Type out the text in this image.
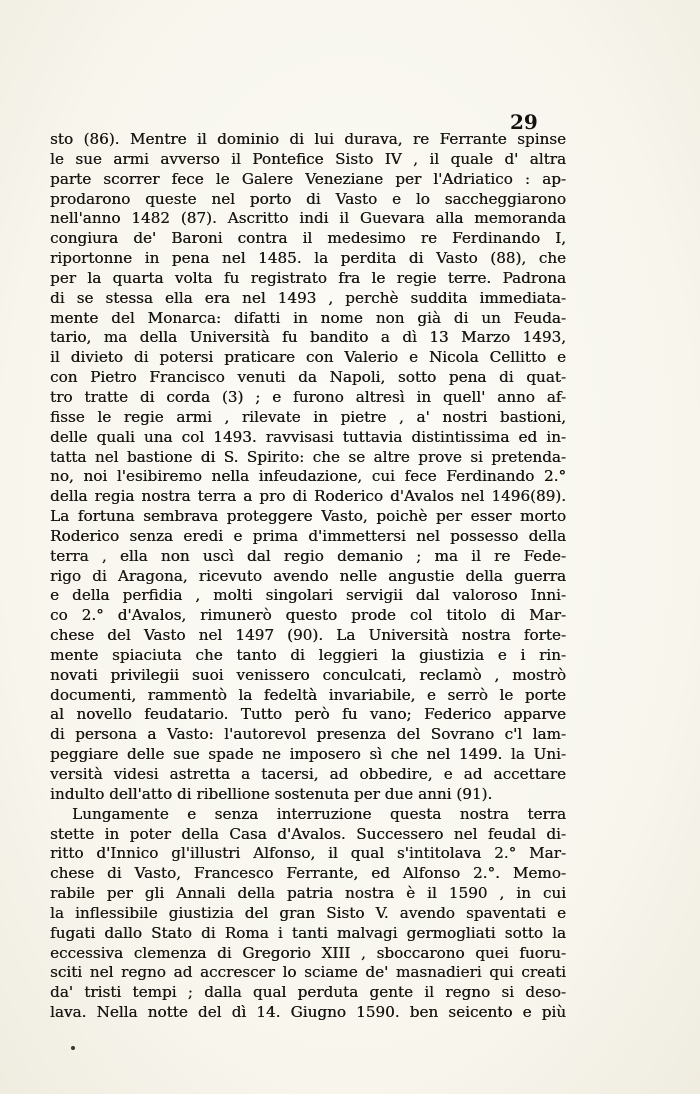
29

sto (86). Mentre il dominio di lui durava, re Ferrante spinse
le sue armi avverso il Pontefice Sisto IV , il quale d' altra
parte scorrer fece le Galere Veneziane per l'Adriatico : ap-
prodarono queste nel porto di Vasto e lo saccheggiarono
nell'anno 1482 (87). Ascritto indi il Guevara alla memoranda
congiura de' Baroni contra il medesimo re Ferdinando I,
riportonne in pena nel 1485. la perdita di Vasto (88), che
per la quarta volta fu registrato fra le regie terre. Padrona
di se stessa ella era nel 1493 , perchè suddita immediata-
mente del Monarca: difatti in nome non già di un Feuda-
tario, ma della Università fu bandito a dì 13 Marzo 1493,
il divieto di potersi praticare con Valerio e Nicola Cellitto e
con Pietro Francisco venuti da Napoli, sotto pena di quat-
tro tratte di corda (3) ; e furono altresì in quell' anno af-
fisse le regie armi , rilevate in pietre , a' nostri bastioni,
delle quali una col 1493. ravvisasi tuttavia distintissima ed in-
tatta nel bastione di S. Spirito: che se altre prove si pretenda-
no, noi l'esibiremo nella infeudazione, cui fece Ferdinando 2.°
della regia nostra terra a pro di Roderico d'Avalos nel 1496(89).
La fortuna sembrava proteggere Vasto, poichè per esser morto
Roderico senza eredi e prima d'immettersi nel possesso della
terra , ella non uscì dal regio demanio ; ma il re Fede-
rigo di Aragona, ricevuto avendo nelle angustie della guerra
e della perfidia , molti singolari servigii dal valoroso Inni-
co 2.° d'Avalos, rimunerò questo prode col titolo di Mar-
chese del Vasto nel 1497 (90). La Università nostra forte-
mente spiaciuta che tanto di leggieri la giustizia e i rin-
novati privilegii suoi venissero conculcati, reclamò , mostrò
documenti, rammentò la fedeltà invariabile, e serrò le porte
al novello feudatario. Tutto però fu vano; Federico apparve
di persona a Vasto: l'autorevol presenza del Sovrano c'l lam-
peggiare delle sue spade ne imposero sì che nel 1499. la Uni-
versità videsi astretta a tacersi, ad obbedire, e ad accettare
indulto dell'atto di ribellione sostenuta per due anni (91).
Lungamente e senza interruzione questa nostra terra
stette in poter della Casa d'Avalos. Successero nel feudal di-
ritto d'Innico gl'illustri Alfonso, il qual s'intitolava 2.° Mar-
chese di Vasto, Francesco Ferrante, ed Alfonso 2.°. Memo-
rabile per gli Annali della patria nostra è il 1590 , in cui
la inflessibile giustizia del gran Sisto V. avendo spaventati e
fugati dallo Stato di Roma i tanti malvagi germogliati sotto la
eccessiva clemenza di Gregorio XIII , sboccarono quei fuoru-
sciti nel regno ad accrescer lo sciame de' masnadieri qui creati
da' tristi tempi ; dalla qual perduta gente il regno si deso-
lava. Nella notte del dì 14. Giugno 1590. ben seicento e più
